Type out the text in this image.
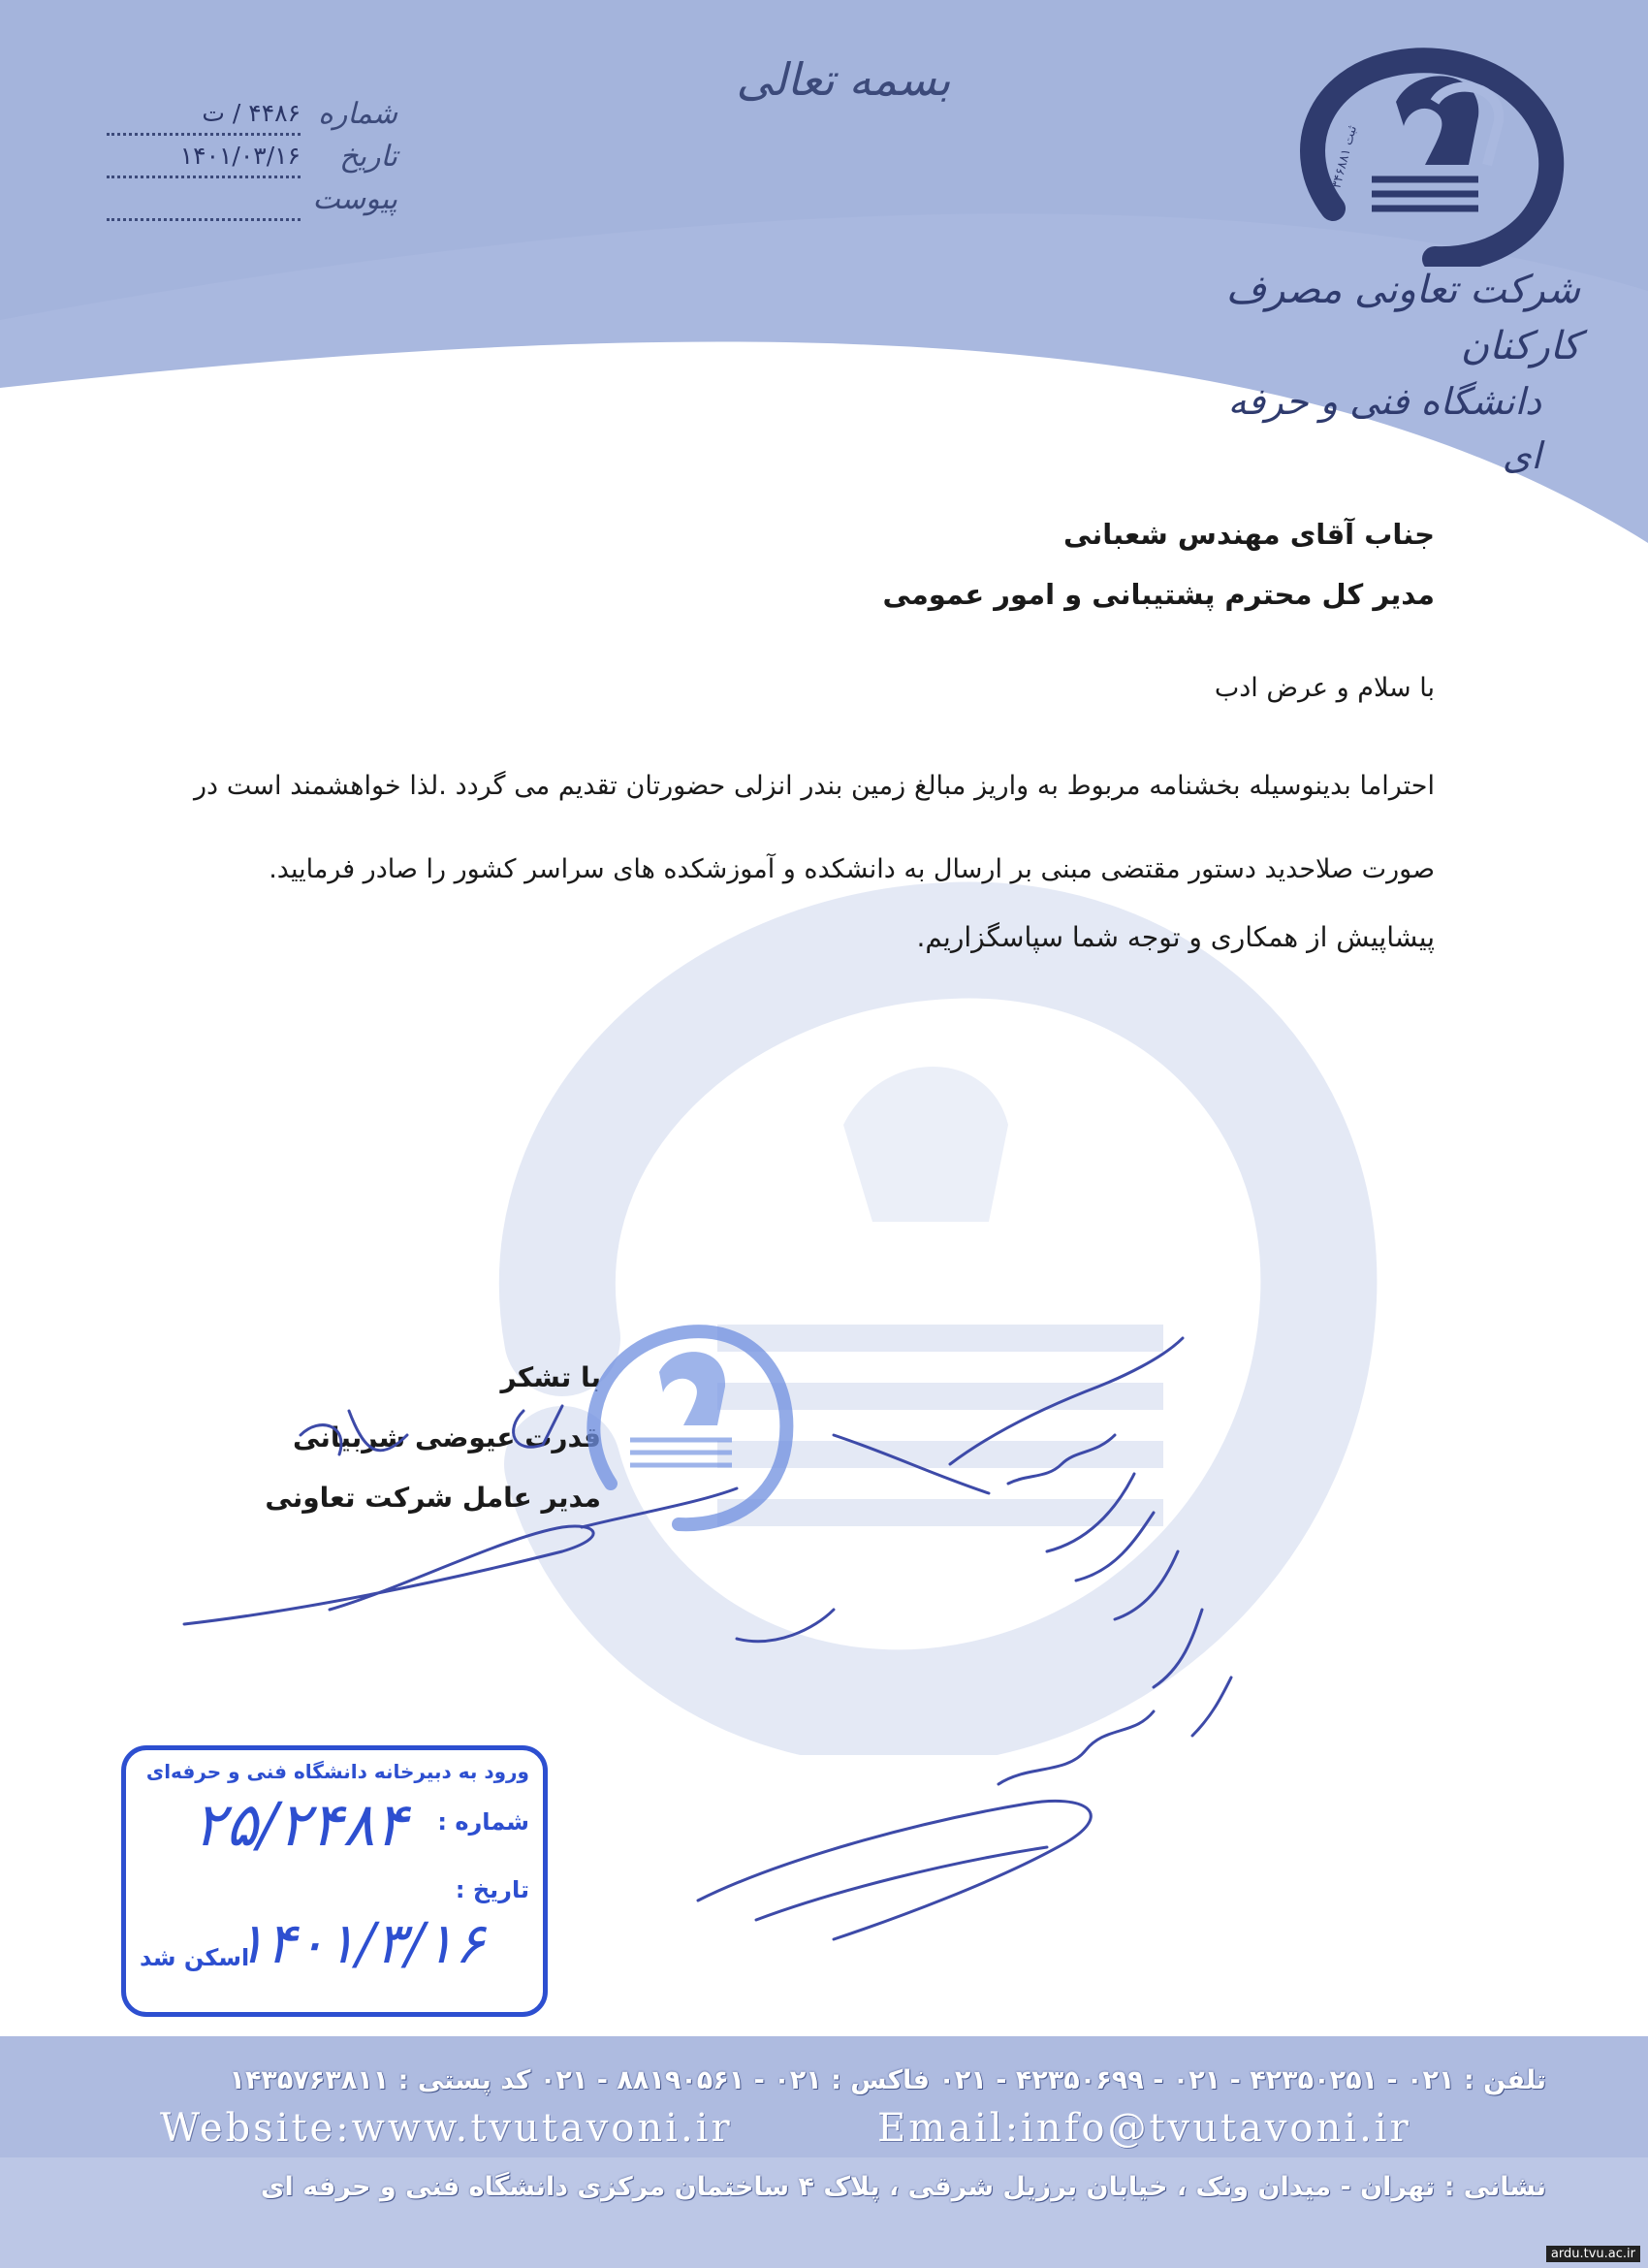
بسمه تعالی
شماره
۴۴۸۶ / ت
تاریخ
۱۴۰۱/۰۳/۱۶
پیوست
ثبت ۳۴۶۸۸۱
شرکت تعاونی مصرف کارکنان
دانشگاه فنی و حرفه ای
جناب آقای مهندس شعبانی
مدیر کل محترم پشتیبانی و امور عمومی
با سلام و عرض ادب
احتراما بدینوسیله بخشنامه مربوط به واریز مبالغ زمین بندر انزلی حضورتان تقدیم می گردد .لذا خواهشمند است در صورت صلاحدید دستور مقتضی مبنی بر ارسال به دانشکده و آموزشکده های سراسر کشور را صادر فرمایید.
پیشاپیش از همکاری و توجه شما سپاسگزاریم.
با تشکر
قدرت عیوضی شربیانی
مدیر عامل شرکت تعاونی
ورود به دبیرخانه دانشگاه فنی و حرفه‌ای
شماره :
۲۵/۲۴۸۴
تاریخ :
۱۴۰۱/۳/۱۶
اسکن شد
تلفن : ۰۲۱ - ۴۲۳۵۰۲۵۱ - ۰۲۱ - ۴۲۳۵۰۶۹۹ - ۰۲۱ فاکس : ۰۲۱ - ۸۸۱۹۰۵۶۱ - ۰۲۱ کد پستی : ۱۴۳۵۷۶۳۸۱۱
Website:www.tvutavoni.ir	Email:info@tvutavoni.ir
نشانی : تهران - میدان ونک ، خیابان برزیل شرقی ، پلاک ۴ ساختمان مرکزی دانشگاه فنی و حرفه ای
ardu.tvu.ac.ir
